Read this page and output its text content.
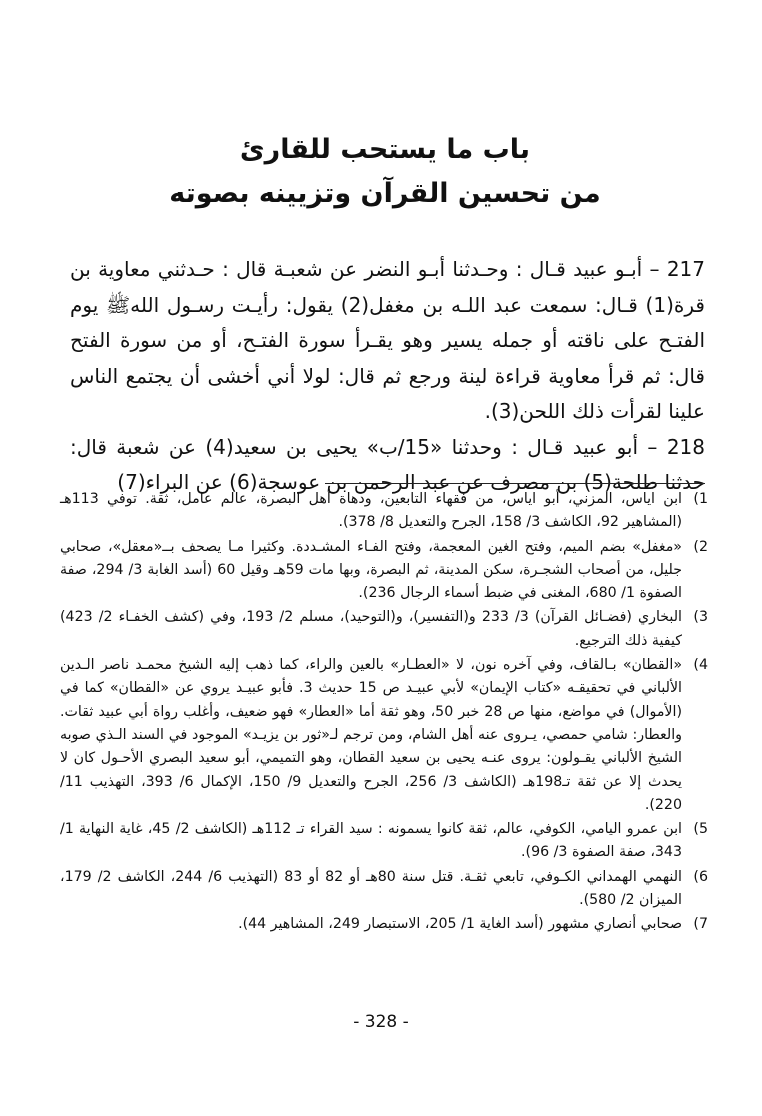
باب ما يستحب للقارئ
من تحسين القرآن وتزيينه بصوته

217 – أبـو عبيد قـال : وحـدثنا أبـو النضر عن شعبـة قال : حـدثني معاوية بن قرة(1) قـال: سمعت عبد اللـه بن مغفل(2) يقول: رأيـت رسـول اللهﷺ يوم الفتـح على ناقته أو جمله يسير وهو يقـرأ سورة الفتـح، أو من سورة الفتح قال: ثم قرأ معاوية قراءة لينة ورجع ثم قال: لولا أني أخشى أن يجتمع الناس علينا لقرأت ذلك اللحن(3).

218 – أبو عبيد قـال : وحدثنا «15/ب» يحيى بن سعيد(4) عن شعبة قال: حدثنا طلحة(5) بن مصرف عن عبد الرحمن بن عوسجة(6) عن البراء(7)

1)
ابن اياس، المزني، أبو اياس، من فقهاء التابعين، ودهاة أهل البصرة، عالم عامل، ثقة. توفي 113هـ (المشاهير 92، الكاشف 3/ 158، الجرح والتعديل 8/ 378).
2)
«مغفل» بضم الميم، وفتح الغين المعجمة، وفتح الفـاء المشـددة. وكثيرا مـا يصحف بــ«معقل»، صحابي جليل، من أصحاب الشجـرة، سكن المدينة، ثم البصرة، وبها مات 59هـ وقيل 60 (أسد الغابة 3/ 294، صفة الصفوة 1/ 680، المغنى في ضبط أسماء الرجال 236).
3)
البخاري (فضـائل القرآن) 3/ 233 و(التفسير)، و(التوحيد)، مسلم 2/ 193، وفي (كشف الخفـاء 2/ 423) كيفية ذلك الترجيع.
4)
«القطان» بـالقاف، وفي آخره نون، لا «العطـار» بالعين والراء، كما ذهب إليه الشيخ محمـد ناصر الـدين الألباني في تحقيقـه «كتاب الإيمان» لأبي عبيـد ص 15 حديث 3. فأبو عبيـد يروي عن «القطان» كما في (الأموال) في مواضع، منها ص 28 خبر 50، وهو ثقة أما «العطار» فهو ضعيف، وأغلب رواة أبي عبيد ثقات. والعطار: شامي حمصي، يـروى عنه أهل الشام، ومن ترجم لـ«ثور بن يزيـد» الموجود في السند الـذي صوبه الشيخ الألباني يقـولون: يروى عنـه يحيى بن سعيد القطان، وهو التميمي، أبو سعيد البصري الأحـول كان لا يحدث إلا عن ثقة تـ198هـ (الكاشف 3/ 256، الجرح والتعديل 9/ 150، الإكمال 6/ 393، التهذيب 11/ 220).
5)
ابن عمرو اليامي، الكوفي، عالم، ثقة كانوا يسمونه : سيد القراء تـ 112هـ (الكاشف 2/ 45، غاية النهاية 1/ 343، صفة الصفوة 3/ 96).
6)
النهمي الهمداني الكـوفي، تابعي ثقـة. قتل سنة 80هـ أو 82 أو 83 (التهذيب 6/ 244، الكاشف 2/ 179، الميزان 2/ 580).
7)
صحابي أنصاري مشهور (أسد الغاية 1/ 205، الاستبصار 249، المشاهير 44).
- 328 -
